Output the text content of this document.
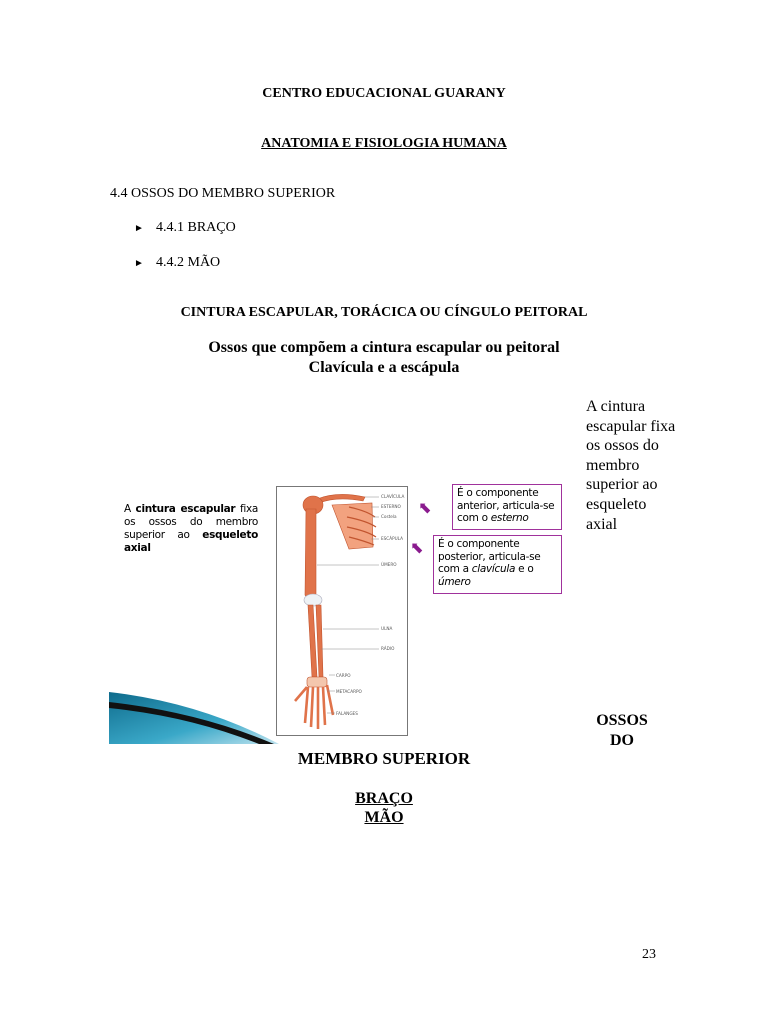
CENTRO EDUCACIONAL GUARANY
ANATOMIA E FISIOLOGIA HUMANA
4.4 OSSOS DO MEMBRO SUPERIOR
► 4.4.1 BRAÇO
► 4.4.2 MÃO
CINTURA ESCAPULAR, TORÁCICA OU CÍNGULO PEITORAL
Ossos que compõem a cintura escapular ou peitoral
Clavícula e a escápula
A cintura escapular fixa os ossos do membro superior ao esqueleto axial
A cintura escapular fixa os ossos do membro superior ao esqueleto axial
CLAVÍCULA
ESTERNO
Costela
ESCÁPULA
ÚMERO
ULNA
RÁDIO
CARPO
METACARPO
FALANGES
É o componente anterior, articula-se com o esterno
É o componente posterior, articula-se com a clavícula e o úmero
⬉
⬉
OSSOS DO
MEMBRO SUPERIOR
BRAÇO
MÃO
23
